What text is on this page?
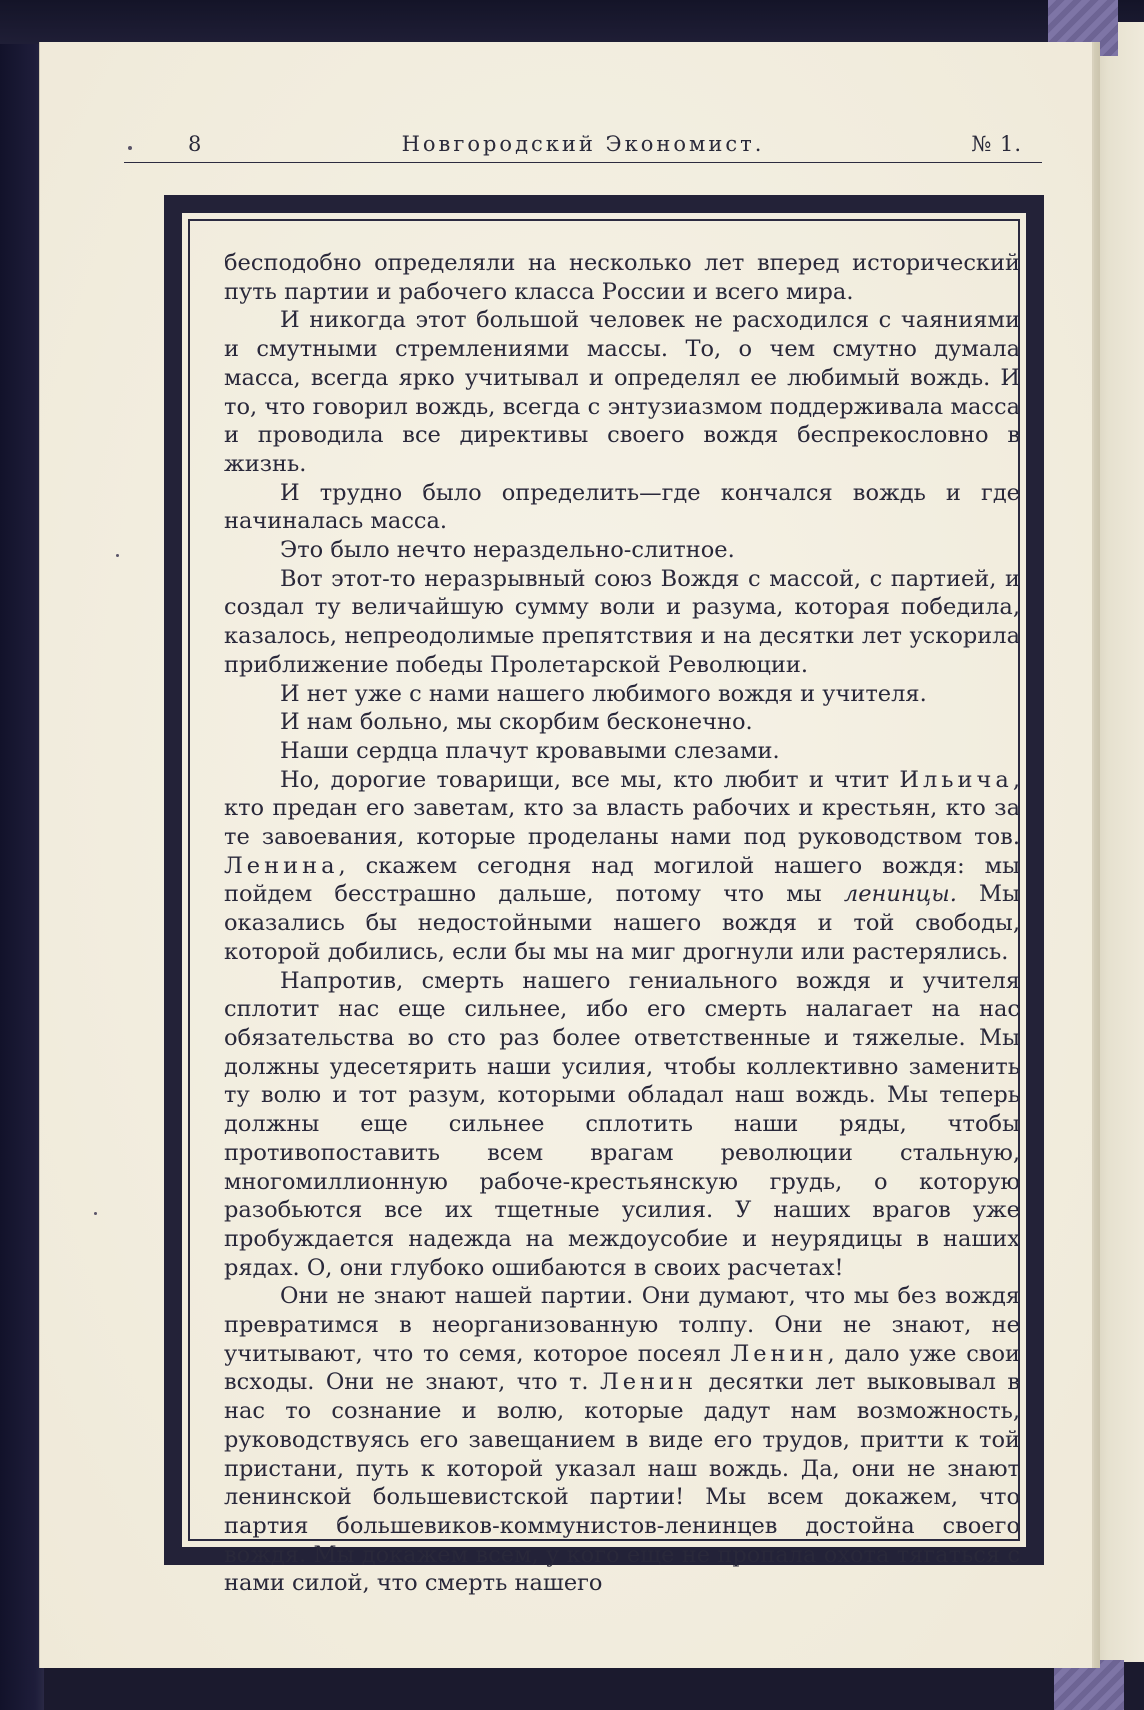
8	Новгородский Экономист.	№ 1.

бесподобно определяли на несколько лет вперед исторический путь партии и рабочего класса России и всего мира.

И никогда этот большой человек не расходился с чаяниями и смутными стремлениями массы. То, о чем смутно думала масса, всегда ярко учитывал и определял ее любимый вождь. И то, что говорил вождь, всегда с энтузиазмом поддерживала масса и проводила все директивы своего вождя беспрекословно в жизнь.

И трудно было определить—где кончался вождь и где начиналась масса.

Это было нечто нераздельно-слитное.

Вот этот-то неразрывный союз Вождя с массой, с партией, и создал ту величайшую сумму воли и разума, которая победила, казалось, непреодолимые препятствия и на десятки лет ускорила приближение победы Пролетарской Революции.

И нет уже с нами нашего любимого вождя и учителя.

И нам больно, мы скорбим бесконечно.

Наши сердца плачут кровавыми слезами.

Но, дорогие товарищи, все мы, кто любит и чтит Ильича, кто предан его заветам, кто за власть рабочих и крестьян, кто за те завоевания, которые проделаны нами под руководством тов. Ленина, скажем сегодня над могилой нашего вождя: мы пойдем бесстрашно дальше, потому что мы ленинцы. Мы оказались бы недостойными нашего вождя и той свободы, которой добились, если бы мы на миг дрогнули или растерялись.

Напротив, смерть нашего гениального вождя и учителя сплотит нас еще сильнее, ибо его смерть налагает на нас обязательства во сто раз более ответственные и тяжелые. Мы должны удесетярить наши усилия, чтобы коллективно заменить ту волю и тот разум, которыми обладал наш вождь. Мы теперь должны еще сильнее сплотить наши ряды, чтобы противопоставить всем врагам революции стальную, многомиллионную рабоче-крестьянскую грудь, о которую разобьются все их тщетные усилия. У наших врагов уже пробуждается надежда на междоусобие и неурядицы в наших рядах. О, они глубоко ошибаются в своих расчетах!

Они не знают нашей партии. Они думают, что мы без вождя превратимся в неорганизованную толпу. Они не знают, не учитывают, что то семя, которое посеял Ленин, дало уже свои всходы. Они не знают, что т. Ленин десятки лет выковывал в нас то сознание и волю, которые дадут нам возможность, руководствуясь его завещанием в виде его трудов, притти к той пристани, путь к которой указал наш вождь. Да, они не знают ленинской большевистской партии! Мы всем докажем, что партия большевиков-коммунистов-ленинцев достойна своего вождя. Мы докажем всем, у кого еще не пропала охота тягаться с нами силой, что смерть нашего
